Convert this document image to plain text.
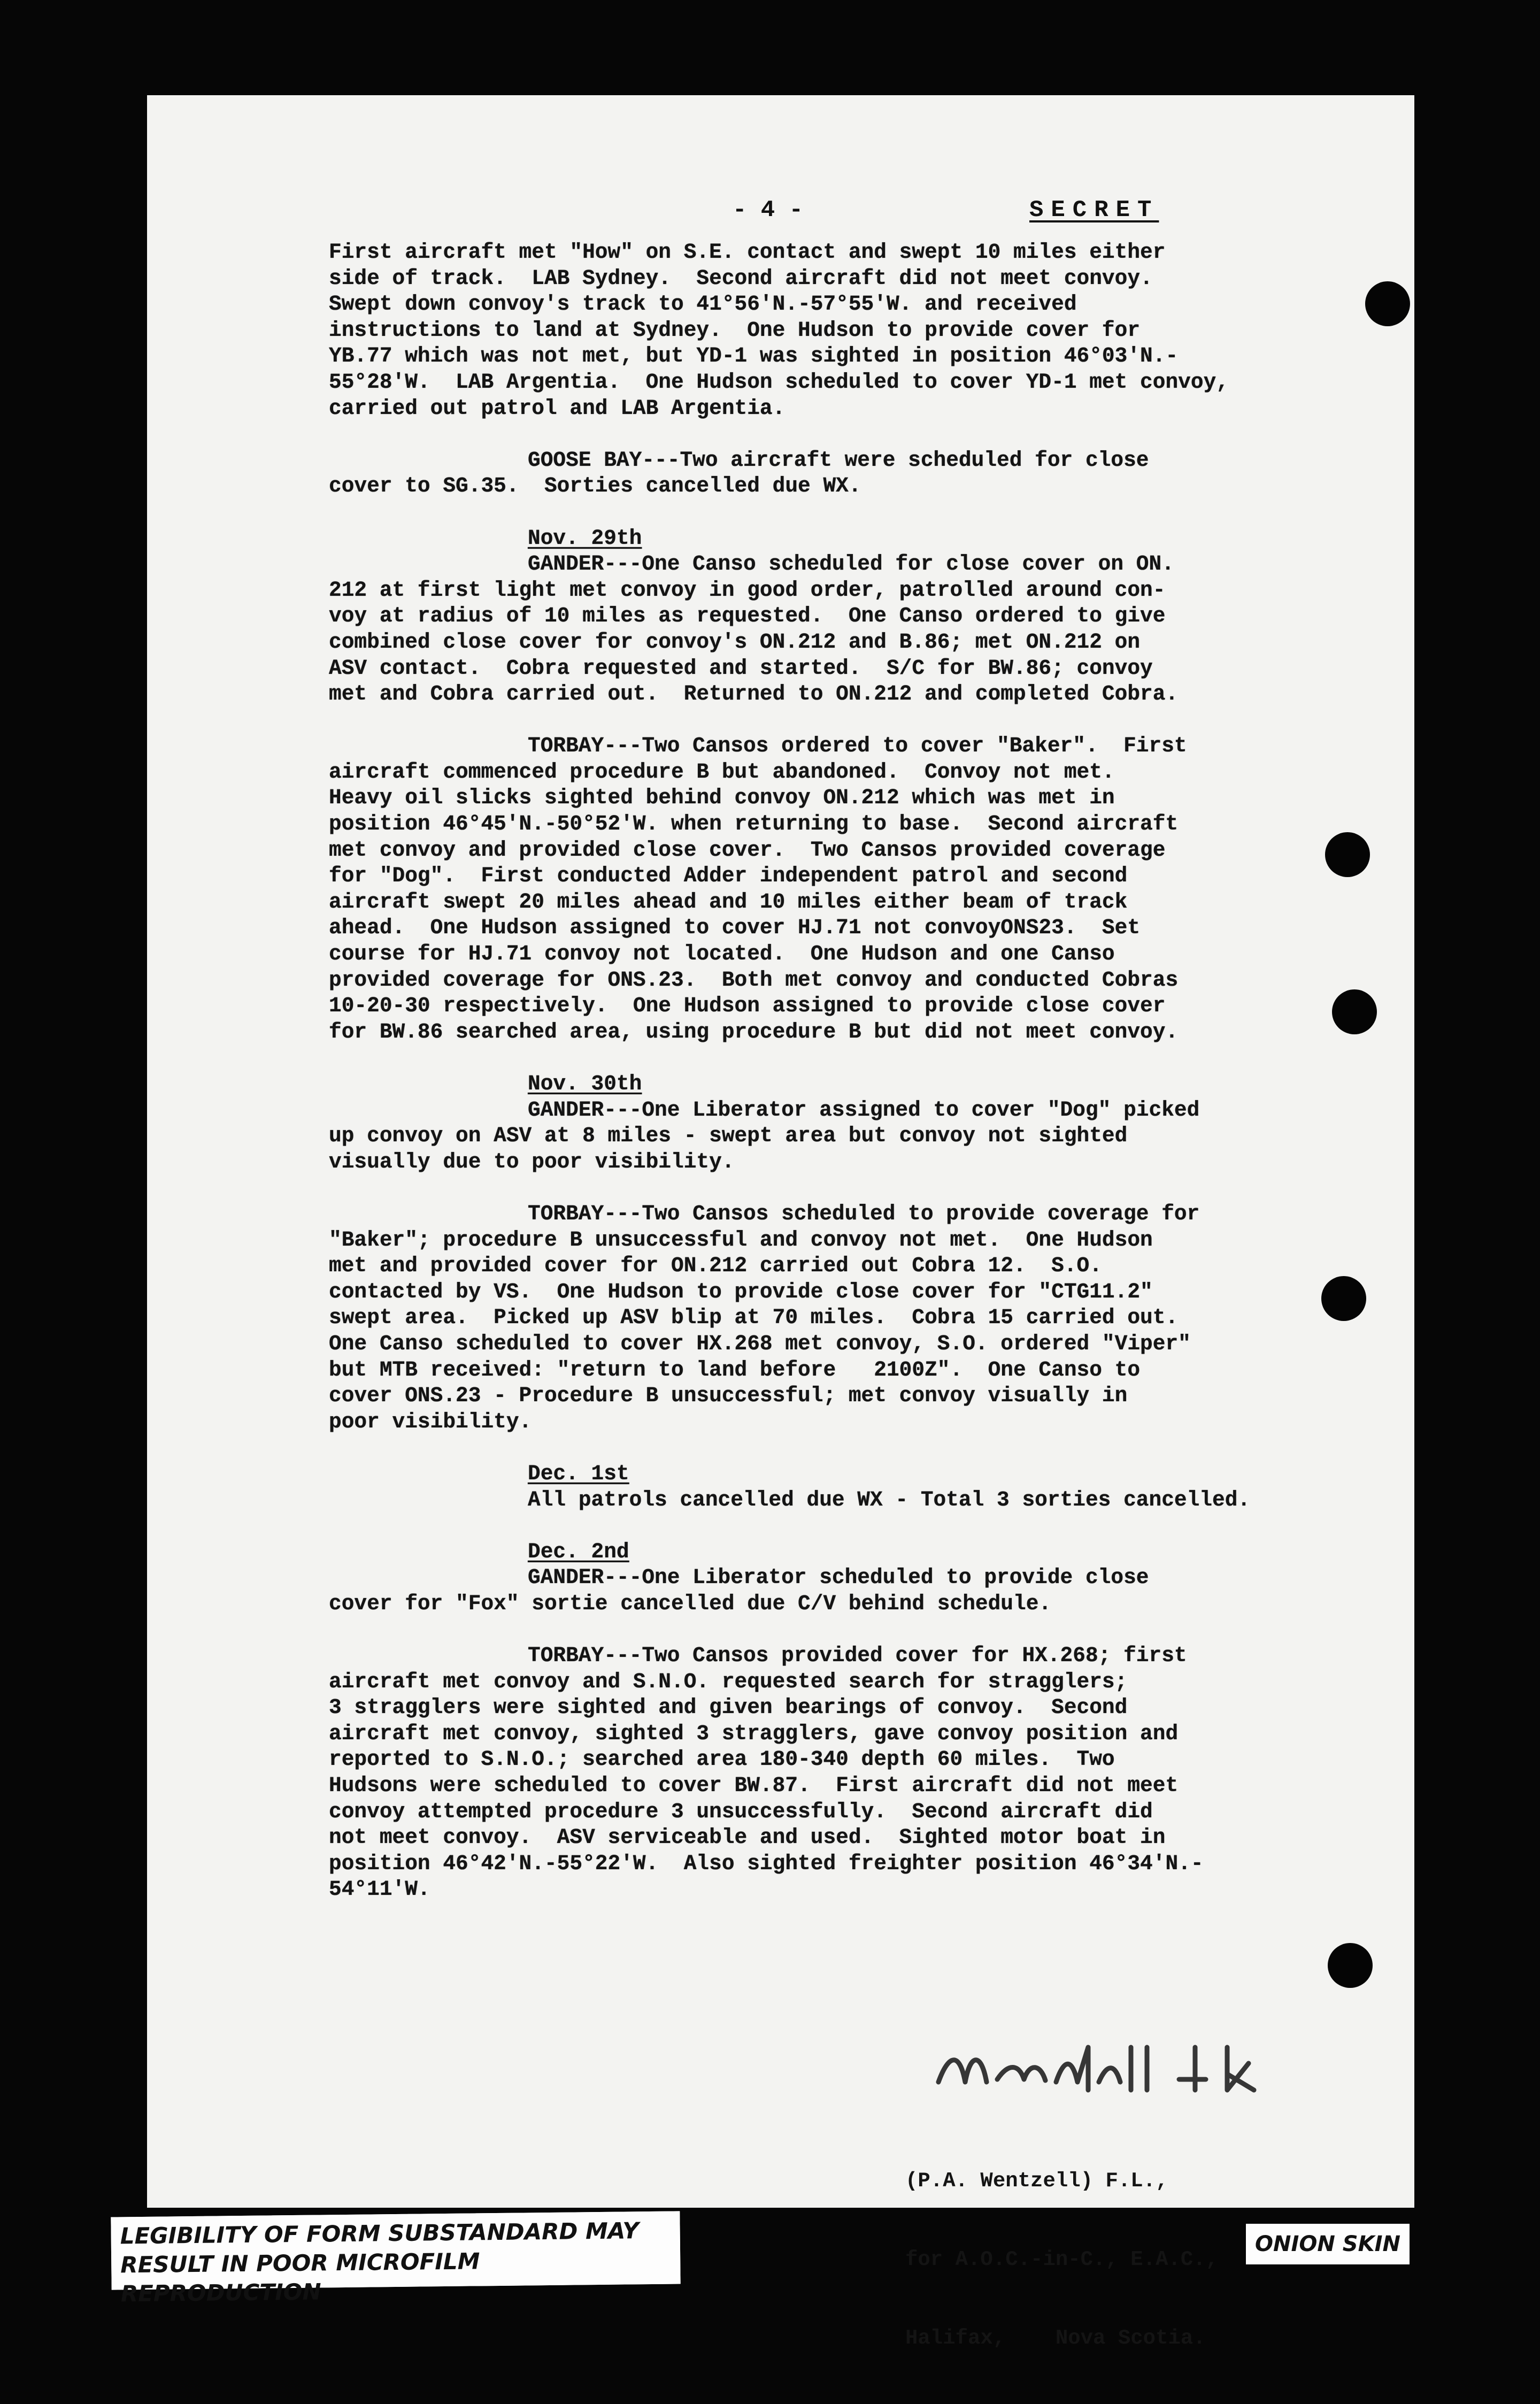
- 4 -	SECRET
First aircraft met "How" on S.E. contact and swept 10 miles either
side of track.  LAB Sydney.  Second aircraft did not meet convoy.
Swept down convoy's track to 41°56'N.-57°55'W. and received
instructions to land at Sydney.  One Hudson to provide cover for
YB.77 which was not met, but YD-1 was sighted in position 46°03'N.-
55°28'W.  LAB Argentia.  One Hudson scheduled to cover YD-1 met convoy,
carried out patrol and LAB Argentia.
GOOSE BAY---Two aircraft were scheduled for close
cover to SG.35.  Sorties cancelled due WX.
Nov. 29th
GANDER---One Canso scheduled for close cover on ON.
212 at first light met convoy in good order, patrolled around con-
voy at radius of 10 miles as requested.  One Canso ordered to give
combined close cover for convoy's ON.212 and B.86; met ON.212 on
ASV contact.  Cobra requested and started.  S/C for BW.86; convoy
met and Cobra carried out.  Returned to ON.212 and completed Cobra.
TORBAY---Two Cansos ordered to cover "Baker".  First
aircraft commenced procedure B but abandoned.  Convoy not met.
Heavy oil slicks sighted behind convoy ON.212 which was met in
position 46°45'N.-50°52'W. when returning to base.  Second aircraft
met convoy and provided close cover.  Two Cansos provided coverage
for "Dog".  First conducted Adder independent patrol and second
aircraft swept 20 miles ahead and 10 miles either beam of track
ahead.  One Hudson assigned to cover HJ.71 not convoyONS23.  Set
course for HJ.71 convoy not located.  One Hudson and one Canso
provided coverage for ONS.23.  Both met convoy and conducted Cobras
10-20-30 respectively.  One Hudson assigned to provide close cover
for BW.86 searched area, using procedure B but did not meet convoy.
Nov. 30th
GANDER---One Liberator assigned to cover "Dog" picked
up convoy on ASV at 8 miles - swept area but convoy not sighted
visually due to poor visibility.
TORBAY---Two Cansos scheduled to provide coverage for
"Baker"; procedure B unsuccessful and convoy not met.  One Hudson
met and provided cover for ON.212 carried out Cobra 12.  S.O.
contacted by VS.  One Hudson to provide close cover for "CTG11.2"
swept area.  Picked up ASV blip at 70 miles.  Cobra 15 carried out.
One Canso scheduled to cover HX.268 met convoy, S.O. ordered "Viper"
but MTB received: "return to land before   2100Z".  One Canso to
cover ONS.23 - Procedure B unsuccessful; met convoy visually in
poor visibility.
Dec. 1st
All patrols cancelled due WX - Total 3 sorties cancelled.
Dec. 2nd
GANDER---One Liberator scheduled to provide close
cover for "Fox" sortie cancelled due C/V behind schedule.
TORBAY---Two Cansos provided cover for HX.268; first
aircraft met convoy and S.N.O. requested search for stragglers;
3 stragglers were sighted and given bearings of convoy.  Second
aircraft met convoy, sighted 3 stragglers, gave convoy position and
reported to S.N.O.; searched area 180-340 depth 60 miles.  Two
Hudsons were scheduled to cover BW.87.  First aircraft did not meet
convoy attempted procedure 3 unsuccessfully.  Second aircraft did
not meet convoy.  ASV serviceable and used.  Sighted motor boat in
position 46°42'N.-55°22'W.  Also sighted freighter position 46°34'N.-
54°11'W.

(P.A. Wentzell) F.L.,

for A.O.C.-in-C., E.A.C.,

Halifax,    Nova Scotia.

LEGIBILITY OF FORM SUBSTANDARD MAY
RESULT IN POOR MICROFILM REPRODUCTION
ONION SKIN
